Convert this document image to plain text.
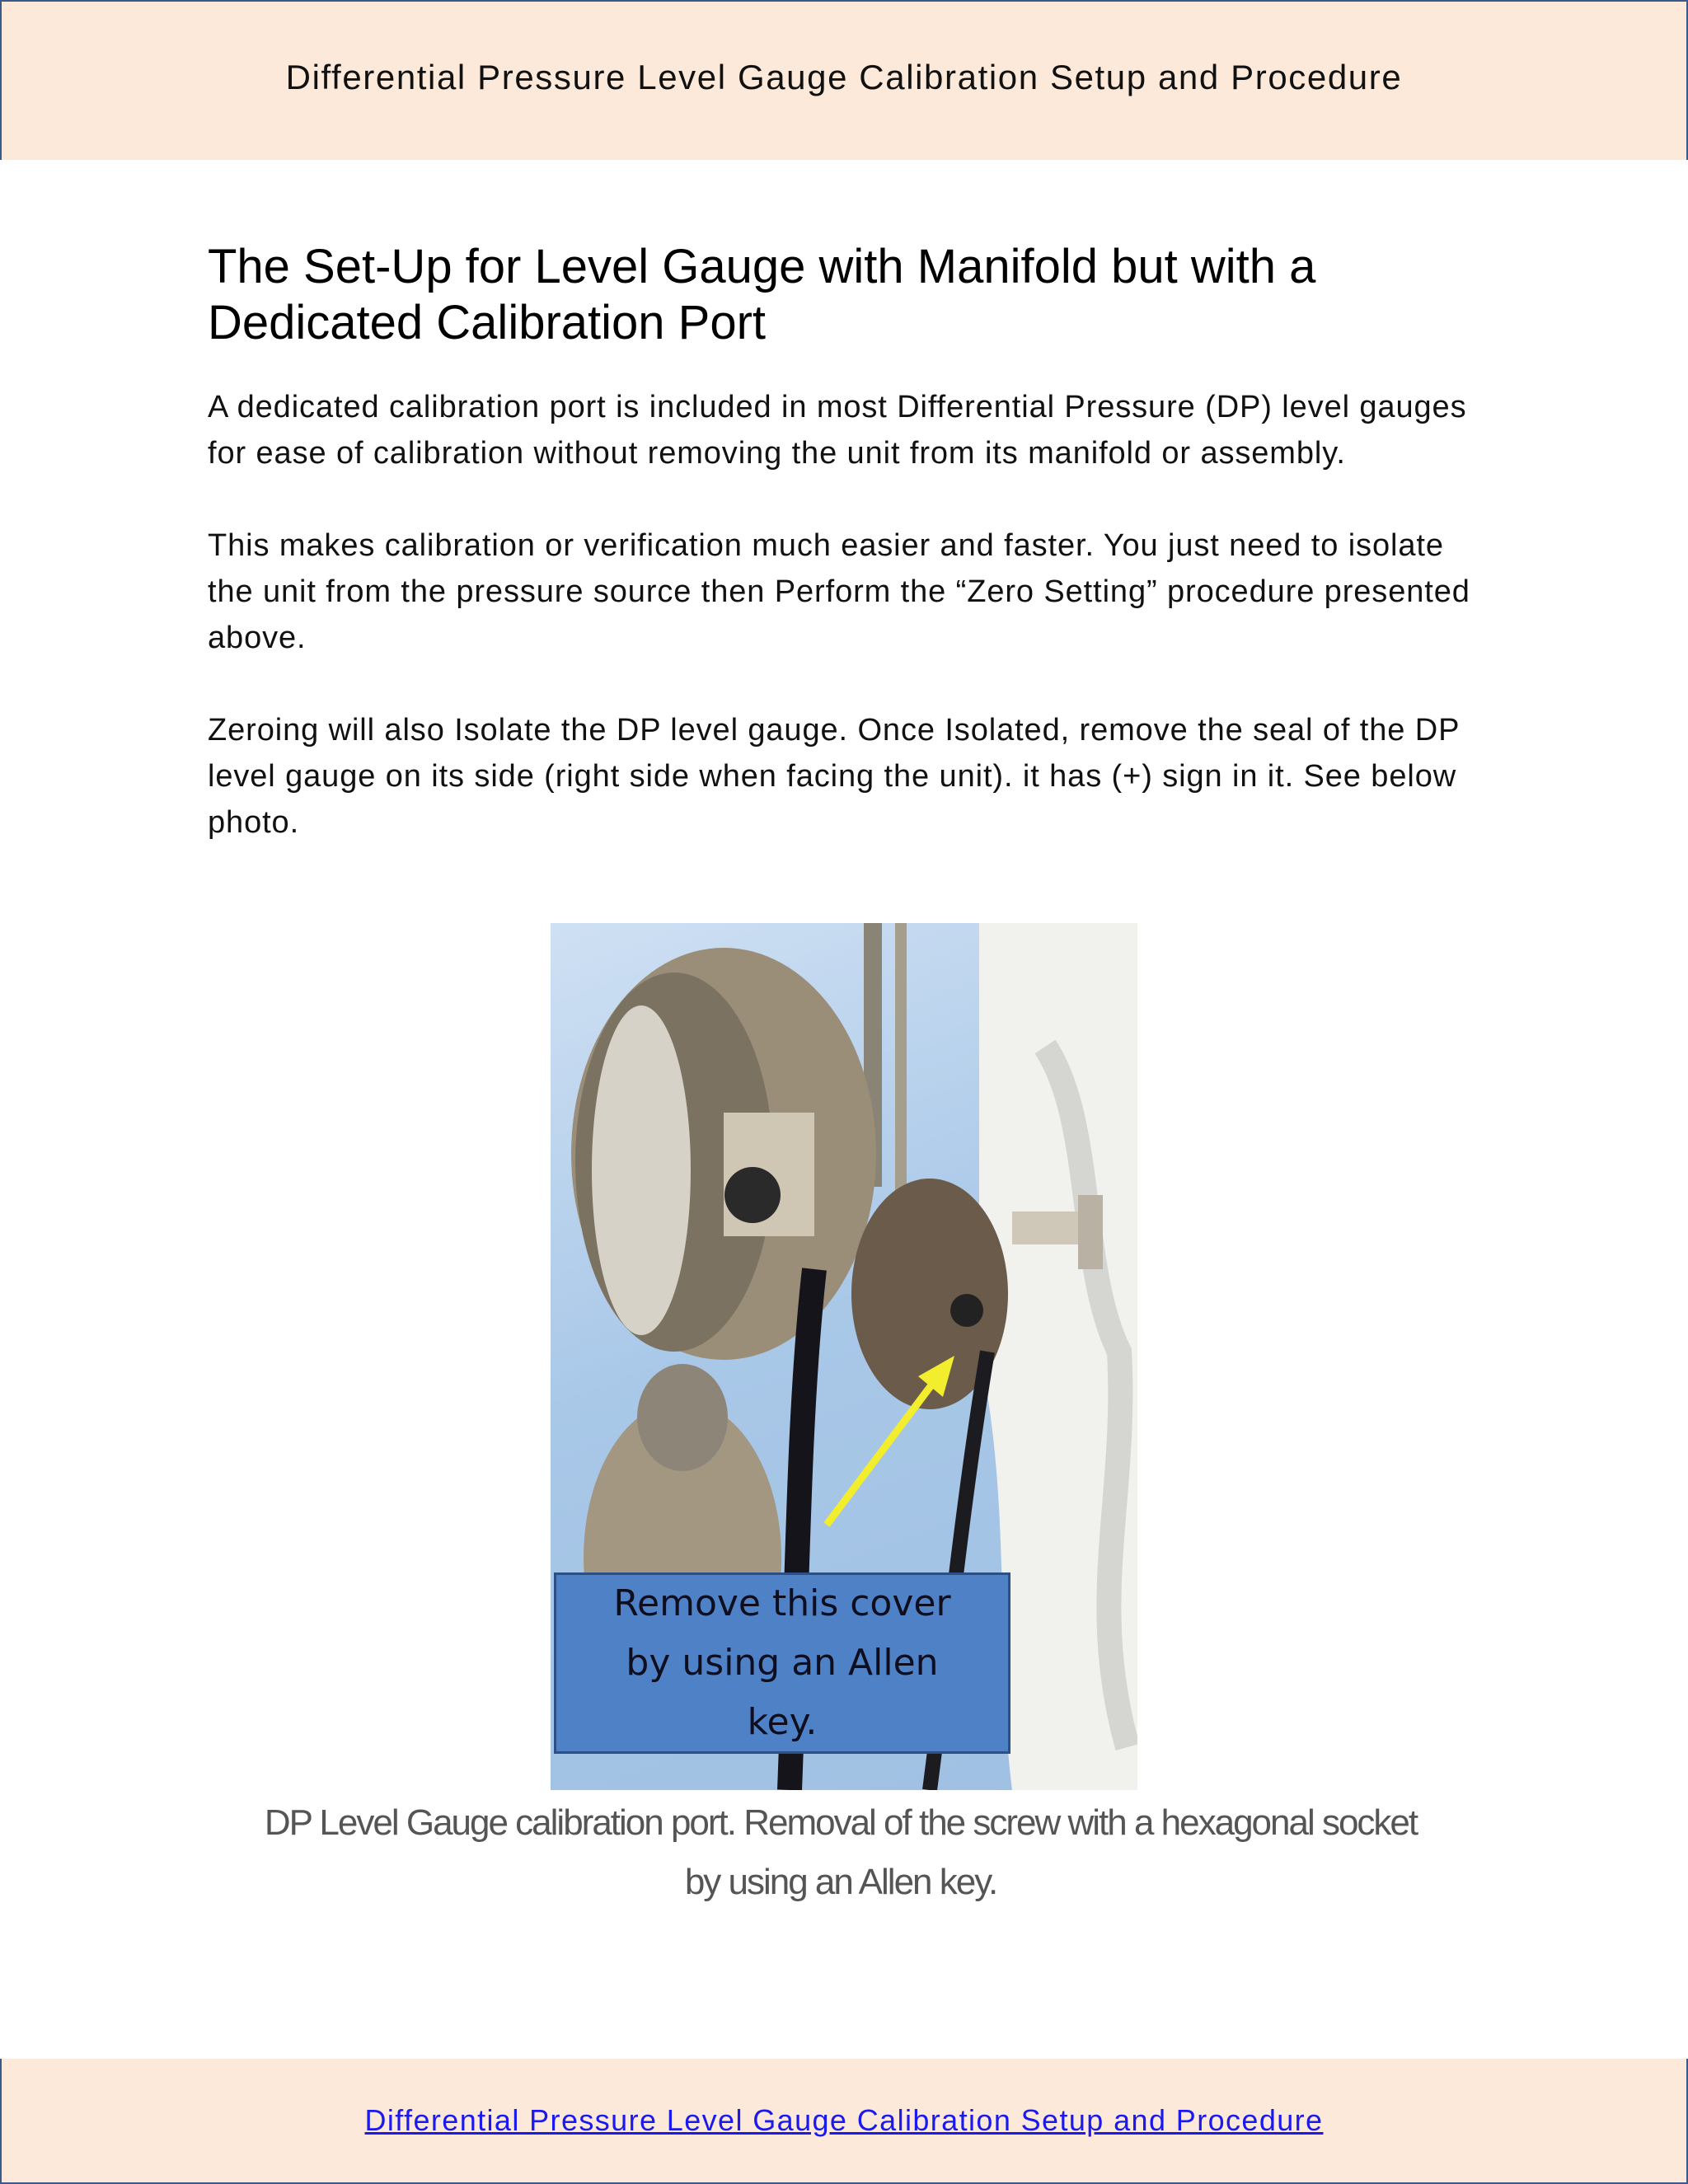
Differential Pressure Level Gauge Calibration Setup and Procedure
The Set-Up for Level Gauge with Manifold but with a
Dedicated Calibration Port

A dedicated calibration port is included in most Differential Pressure (DP) level gauges for ease of calibration without removing the unit from its manifold or assembly.

This makes calibration or verification much easier and faster. You just need to isolate the unit from the pressure source then Perform the “Zero Setting” procedure presented above.

Zeroing will also Isolate the DP level gauge. Once Isolated, remove the seal of the DP level gauge on its side (right side when facing the unit). it has (+) sign in it. See below photo.

Remove this cover
by using an Allen
key.
DP Level Gauge calibration port. Removal of the screw with a hexagonal socket
by using an Allen key.
Differential Pressure Level Gauge Calibration Setup and Procedure
